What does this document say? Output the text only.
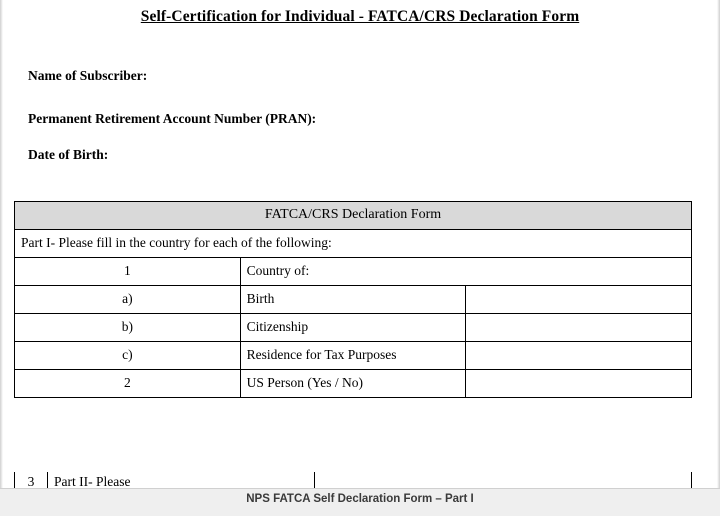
Self-Certification for Individual - FATCA/CRS Declaration Form
Name of Subscriber:
Permanent Retirement Account Number (PRAN):
Date of Birth:
FATCA/CRS Declaration Form		
Part I- Please fill in the country for each of the following:		
1	Country of:	
a)	Birth	
b)	Citizenship	
c)	Residence for Tax Purposes	
2	US Person (Yes / No)	
3	Part II- Please
NPS FATCA Self Declaration Form – Part I
